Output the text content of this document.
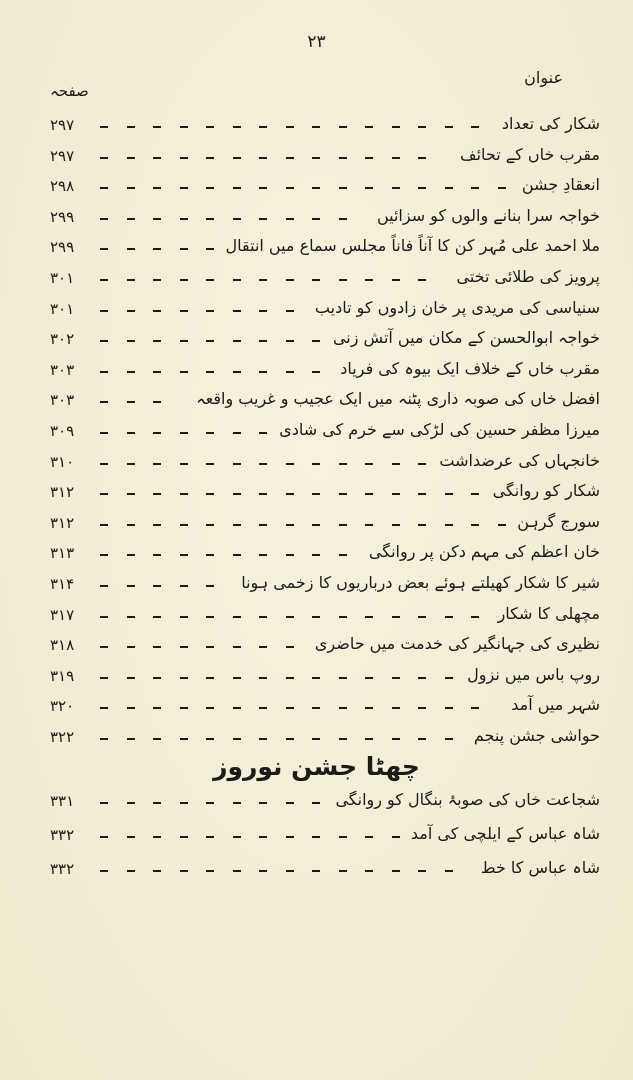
۲۳
عنوان
صفحہ
شکار کی تعداد
۲۹۷
مقرب خاں کے تحائف
۲۹۷
انعقادِ جشن
۲۹۸
خواجہ سرا بنانے والوں کو سزائیں
۲۹۹
ملا احمد علی مُہر کن کا آناً فاناً مجلس سماع میں انتقال
۲۹۹
پرویز کی طلائی تختی
۳۰۱
سنیاسی کی مریدی پر خان زادوں کو تادیب
۳۰۱
خواجہ ابوالحسن کے مکان میں آتش زنی
۳۰۲
مقرب خاں کے خلاف ایک بیوہ کی فریاد
۳۰۳
افضل خاں کی صوبہ داری پٹنہ میں ایک عجیب و غریب واقعہ
۳۰۳
میرزا مظفر حسین کی لڑکی سے خرم کی شادی
۳۰۹
خانجہاں کی عرضداشت
۳۱۰
شکار کو روانگی
۳۱۲
سورج گرہن
۳۱۲
خان اعظم کی مہم دکن پر روانگی
۳۱۳
شیر کا شکار کھیلتے ہوئے بعض درباریوں کا زخمی ہونا
۳۱۴
مچھلی کا شکار
۳۱۷
نظیری کی جہانگیر کی خدمت میں حاضری
۳۱۸
روپ باس میں نزول
۳۱۹
شہر میں آمد
۳۲۰
حواشی جشن پنجم
۳۲۲
چھٹا جشن نوروز
شجاعت خاں کی صوبۂ بنگال کو روانگی
۳۳۱
شاہ عباس کے ایلچی کی آمد
۳۳۲
شاہ عباس کا خط
۳۳۲
